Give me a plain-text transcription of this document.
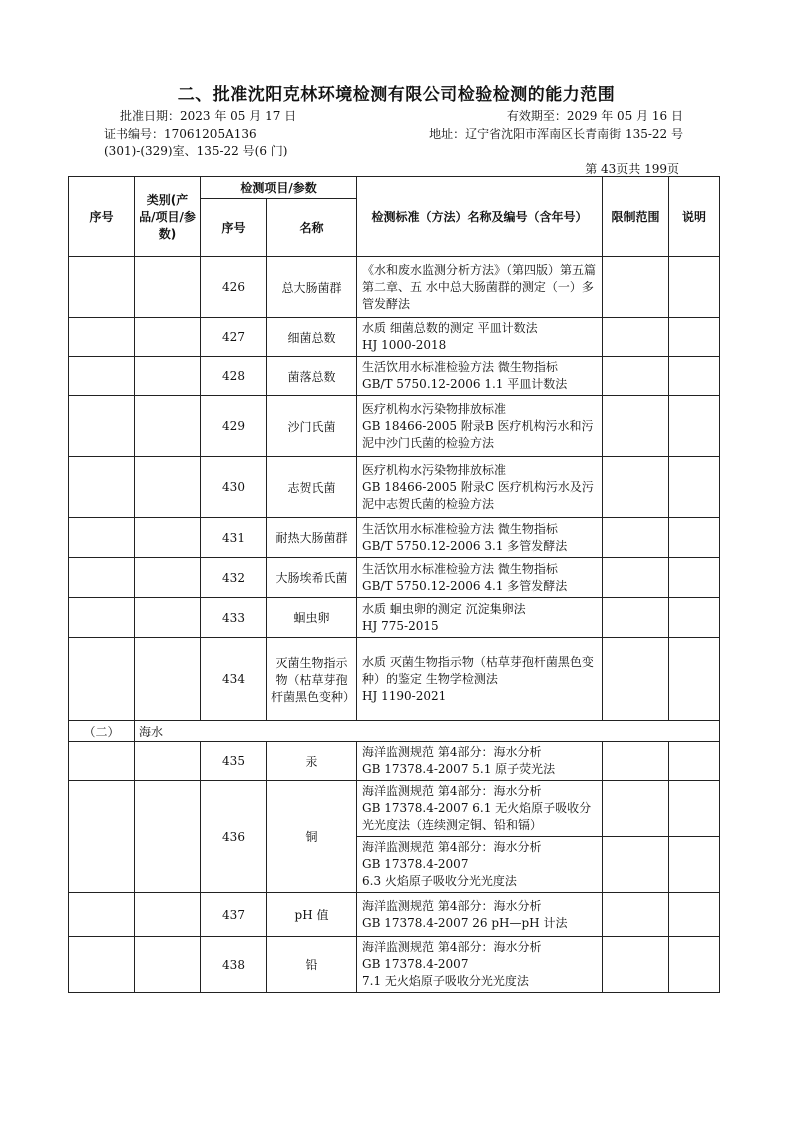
二、批准沈阳克林环境检测有限公司检验检测的能力范围
批准日期：2023 年 05 月 17 日	有效期至：2029 年 05 月 16 日
证书编号：17061205A136	地址：辽宁省沈阳市浑南区长青南街 135-22 号
(301)-(329)室、135-22 号(6 门)
第 43页共 199页
序号	类别(产品/项目/参数)	检测项目/参数		检测标准（方法）名称及编号（含年号）	限制范围	说明
		序号	名称			
		426	总大肠菌群	《水和废水监测分析方法》（第四版）第五篇 第二章、五 水中总大肠菌群的测定（一）多管发酵法		
		427	细菌总数	水质 细菌总数的测定 平皿计数法
HJ 1000-2018		
		428	菌落总数	生活饮用水标准检验方法 微生物指标
GB/T 5750.12-2006 1.1 平皿计数法		
		429	沙门氏菌	医疗机构水污染物排放标准
GB 18466-2005 附录B 医疗机构污水和污泥中沙门氏菌的检验方法		
		430	志贺氏菌	医疗机构水污染物排放标准
GB 18466-2005 附录C 医疗机构污水及污泥中志贺氏菌的检验方法		
		431	耐热大肠菌群	生活饮用水标准检验方法 微生物指标
GB/T 5750.12-2006 3.1 多管发酵法		
		432	大肠埃希氏菌	生活饮用水标准检验方法 微生物指标
GB/T 5750.12-2006 4.1 多管发酵法		
		433	蛔虫卵	水质 蛔虫卵的测定 沉淀集卵法
HJ 775-2015		
		434	灭菌生物指示物（枯草芽孢杆菌黑色变种）	水质 灭菌生物指示物（枯草芽孢杆菌黑色变种）的鉴定 生物学检测法
HJ 1190-2021		
（二）	海水					
		435	汞	海洋监测规范 第4部分：海水分析
GB 17378.4-2007 5.1 原子荧光法		
		436	铜	海洋监测规范 第4部分：海水分析
GB 17378.4-2007 6.1 无火焰原子吸收分光光度法（连续测定铜、铅和镉）		
				海洋监测规范 第4部分：海水分析
GB 17378.4-2007
6.3 火焰原子吸收分光光度法		
		437	pH 值	海洋监测规范 第4部分：海水分析
GB 17378.4-2007 26 pH—pH 计法		
		438	铅	海洋监测规范 第4部分：海水分析
GB 17378.4-2007
7.1 无火焰原子吸收分光光度法		
